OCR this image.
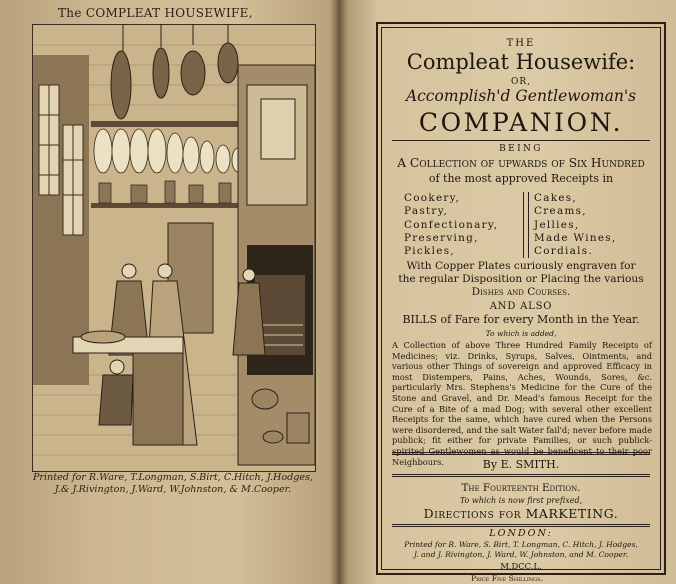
The COMPLEAT HOUSEWIFE,
Printed for R.Ware, T.Longman, S.Birt, C.Hitch, J.Hodges,
J.& J.Rivington, J.Ward, W.Johnston, & M.Cooper.
THE
Compleat Housewife:
OR,
Accomplish'd Gentlewoman's
COMPANION.
BEING
A Collection of upwards of Six Hundred
of the most approved Receipts in
Cookery,
Pastry,
Confectionary,
Preserving,
Pickles,
Cakes,
Creams,
Jellies,
Made Wines,
Cordials.
With Copper Plates curiously engraven for
the regular Disposition or Placing the various
Dishes and Courses.
AND ALSO
BILLS of Fare for every Month in the Year.
To which is added,
A Collection of above Three Hundred Family Receipts of Medicines; viz. Drinks, Syrups, Salves, Ointments, and various other Things of sovereign and approved Efficacy in most Distempers, Pains, Aches, Wounds, Sores, &c. particularly Mrs. Stephens's Medicine for the Cure of the Stone and Gravel, and Dr. Mead's famous Receipt for the Cure of a Bite of a mad Dog; with several other excellent Receipts for the same, which have cured when the Persons were disordered, and the salt Water fail'd; never before made publick; fit either for private Families, or such publick-spirited Gentlewomen as would be beneficent to their poor Neighbours.	By E. SMITH.
The Fourteenth Edition.
To which is now first prefixed,
Directions for MARKETING.
LONDON:
Printed for R. Ware, S. Birt, T. Longman, C. Hitch, J. Hodges,
J. and J. Rivington, J. Ward, W. Johnston, and M. Cooper.
M.DCC.L.
Price Five Shillings.
